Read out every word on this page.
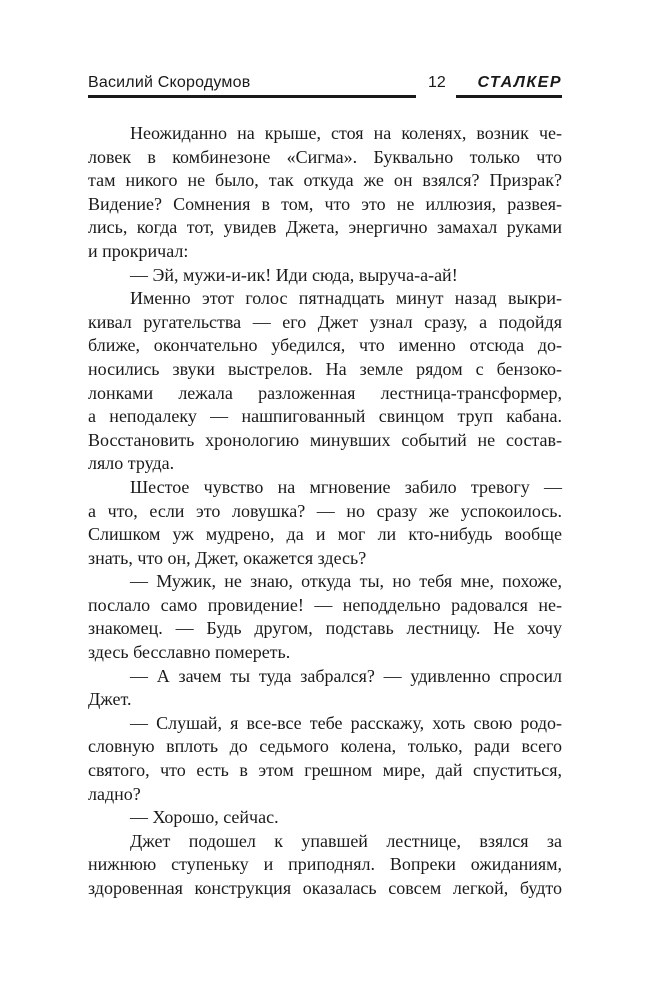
Василий Скородумов	12 СТАЛКЕР
Неожиданно на крыше, стоя на коленях, возник че-
ловек в комбинезоне «Сигма». Буквально только что
там никого не было, так откуда же он взялся? Призрак?
Видение? Сомнения в том, что это не иллюзия, развея-
лись, когда тот, увидев Джета, энергично замахал руками
и прокричал:
— Эй, мужи-и-ик! Иди сюда, выруча-а-ай!
Именно этот голос пятнадцать минут назад выкри-
кивал ругательства — его Джет узнал сразу, а подойдя
ближе, окончательно убедился, что именно отсюда до-
носились звуки выстрелов. На земле рядом с бензоко-
лонками лежала разложенная лестница-трансформер,
а неподалеку — нашпигованный свинцом труп кабана.
Восстановить хронологию минувших событий не состав-
ляло труда.
Шестое чувство на мгновение забило тревогу —
а что, если это ловушка? — но сразу же успокоилось.
Слишком уж мудрено, да и мог ли кто-нибудь вообще
знать, что он, Джет, окажется здесь?
— Мужик, не знаю, откуда ты, но тебя мне, похоже,
послало само провидение! — неподдельно радовался не-
знакомец. — Будь другом, подставь лестницу. Не хочу
здесь бесславно помереть.
— А зачем ты туда забрался? — удивленно спросил
Джет.
— Слушай, я все-все тебе расскажу, хоть свою родо-
словную вплоть до седьмого колена, только, ради всего
святого, что есть в этом грешном мире, дай спуститься,
ладно?
— Хорошо, сейчас.
Джет подошел к упавшей лестнице, взялся за
нижнюю ступеньку и приподнял. Вопреки ожиданиям,
здоровенная конструкция оказалась совсем легкой, будто
